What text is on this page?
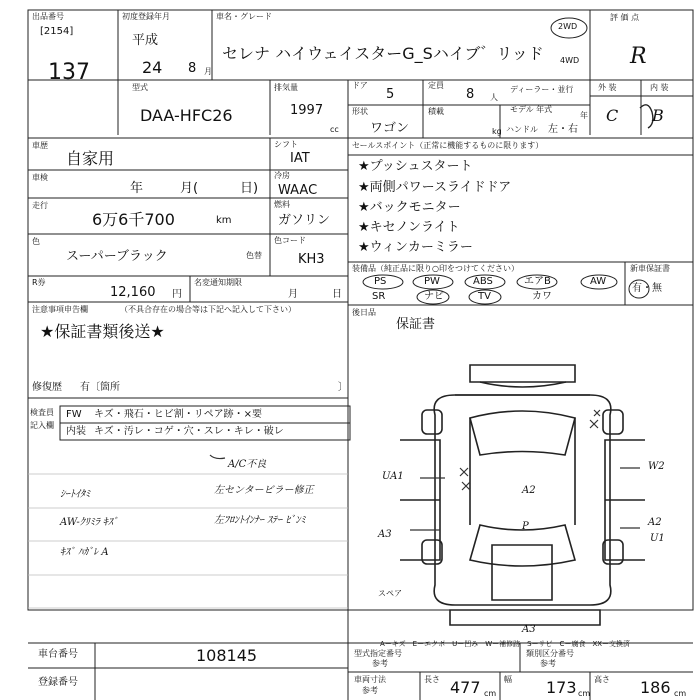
出品番号
[2154]
137
初度登録年月
平成
24 8 月
車名・グレード
セレナ ハイウェイスターG_Sハイブ゛リッド
2WD
4WD
評 価 点
R
外 装	内 装
C B
型式
DAA-HFC26
排気量
1997
cc
ドア
5
定員
8 人
ディーラー・並行
モデル 年式
年
形状
ワゴン
積載
kg ハンドル 左・右
車歴
自家用
車検
年	月(	日)
走行
6万6千700	km
色
スーパーブラック	色替
シフト
IAT
冷房
WAAC
燃料
ガソリン
色コード
KH3
R券
12,160 円
名変通知期限
月	日
注意事項申告欄	（不具合存在の場合等は下記へ記入して下さい）
★保証書類後送★
修復歴 有〔箇所	〕
検査員
記入欄
FW キズ・飛石・ヒビ割・リペア跡・×要
内装 キズ・汚レ・コゲ・穴・スレ・キレ・破レ
ｼｰﾄｲﾀﾐ
AW-ｸﾘﾐﾗ ｷｽﾞ
ｷｽﾞ ﾊｶﾞﾚ A
A/C不良
左センタービラー修正
左ﾌﾛﾝﾄｲﾝﾅｰ ｽﾃｰ ﾋﾞﾝﾐ
セールスポイント（正常に機能するものに限ります）
★プッシュスタート
★両側パワースライドドア
★バックモニター
★キセノンライト
★ウィンカーミラー
装備品（純正品に限り○印をつけてください）
PS	PW	ABS	エアB	AW
SR	ナビ	TV	カワ
新車保証書
有・無
後日品
保証書
A3
A2
W2
A2
U1
A3
UA1
P
スペア
A－キズ　E－エクボ　U－凹み　W－補修跡　S－サビ　C－腐食　XX－交換済
車台番号	108145
登録番号
型式指定番号
参考
類別区分番号
参考
車両寸法
参考
長さ 477 cm
幅 173 cm
高さ 186 cm
